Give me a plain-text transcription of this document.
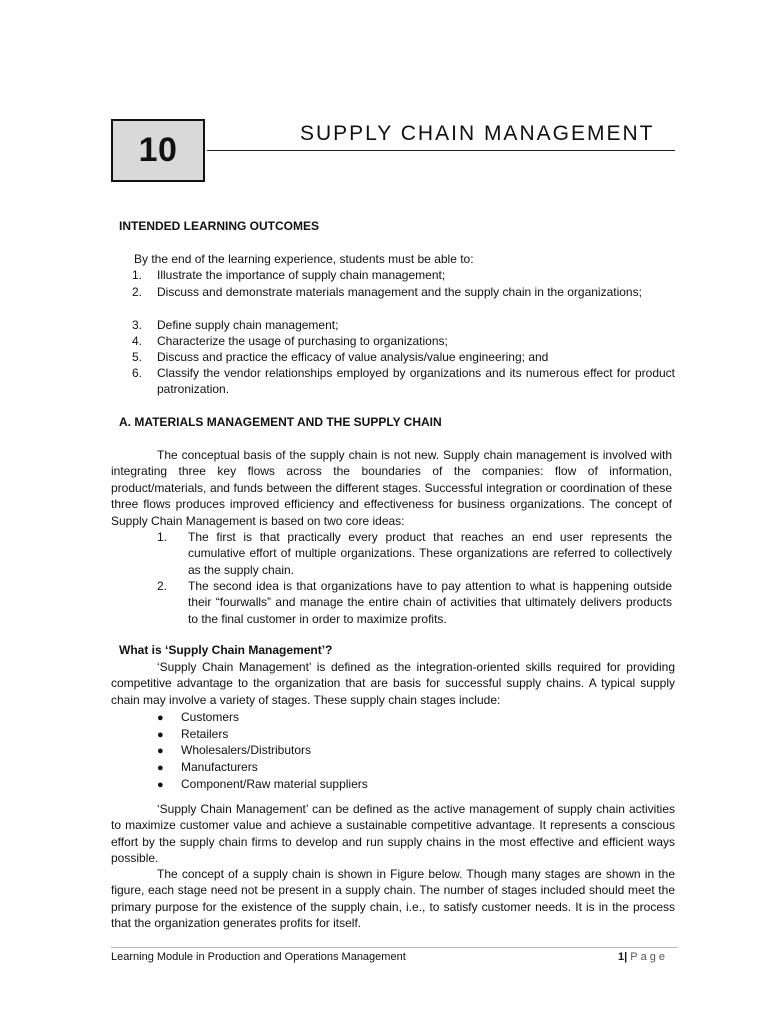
10	SUPPLY CHAIN MANAGEMENT
INTENDED LEARNING OUTCOMES
By the end of the learning experience, students must be able to:
1.	Illustrate the importance of supply chain management;
2.	Discuss and demonstrate materials management and the supply chain in the organizations;
3.	Define supply chain management;
4.	Characterize the usage of purchasing to organizations;
5.	Discuss and practice the efficacy of value analysis/value engineering; and
6.	Classify the vendor relationships employed by organizations and its numerous effect for product patronization.
A. MATERIALS MANAGEMENT AND THE SUPPLY CHAIN
The conceptual basis of the supply chain is not new. Supply chain management is involved with integrating three key flows across the boundaries of the companies: flow of information, product/materials, and funds between the different stages. Successful integration or coordination of these three flows produces improved efficiency and effectiveness for business organizations. The concept of Supply Chain Management is based on two core ideas:
1. The first is that practically every product that reaches an end user represents the cumulative effort of multiple organizations. These organizations are referred to collectively as the supply chain.
2. The second idea is that organizations have to pay attention to what is happening outside their “fourwalls” and manage the entire chain of activities that ultimately delivers products to the final customer in order to maximize profits.
What is ‘Supply Chain Management’?
‘Supply Chain Management’ is defined as the integration-oriented skills required for providing competitive advantage to the organization that are basis for successful supply chains. A typical supply chain may involve a variety of stages. These supply chain stages include:
● Customers
● Retailers
● Wholesalers/Distributors
● Manufacturers
● Component/Raw material suppliers
‘Supply Chain Management’ can be defined as the active management of supply chain activities to maximize customer value and achieve a sustainable competitive advantage. It represents a conscious effort by the supply chain firms to develop and run supply chains in the most effective and efficient ways possible.
The concept of a supply chain is shown in Figure below. Though many stages are shown in the figure, each stage need not be present in a supply chain. The number of stages included should meet the primary purpose for the existence of the supply chain, i.e., to satisfy customer needs. It is in the process that the organization generates profits for itself.
Learning Module in Production and Operations Management	1| Page
